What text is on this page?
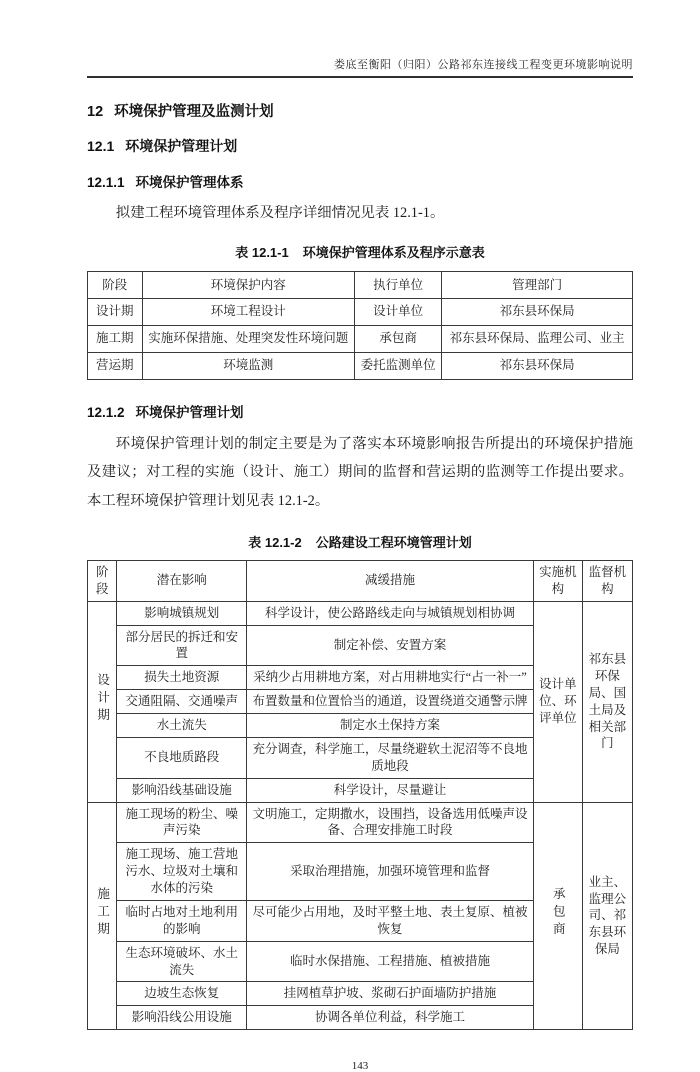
娄底至衡阳（归阳）公路祁东连接线工程变更环境影响说明
12 环境保护管理及监测计划
12.1 环境保护管理计划
12.1.1 环境保护管理体系

拟建工程环境管理体系及程序详细情况见表 12.1-1。

表 12.1-1 环境保护管理体系及程序示意表
阶段	环境保护内容	执行单位	管理部门
设计期	环境工程设计	设计单位	祁东县环保局
施工期	实施环保措施、处理突发性环境问题	承包商	祁东县环保局、监理公司、业主
营运期	环境监测	委托监测单位	祁东县环保局
12.1.2 环境保护管理计划

环境保护管理计划的制定主要是为了落实本环境影响报告所提出的环境保护措施及建议；对工程的实施（设计、施工）期间的监督和营运期的监测等工作提出要求。本工程环境保护管理计划见表 12.1-2。

表 12.1-2 公路建设工程环境管理计划
阶段	潜在影响	减缓措施	实施机构	监督机构
设计期	影响城镇规划	科学设计，使公路路线走向与城镇规划相协调	设计单位、环评单位	祁东县环保局、国土局及相关部门
	部分居民的拆迁和安置	制定补偿、安置方案		
	损失土地资源	采纳少占用耕地方案，对占用耕地实行“占一补一”		
	交通阻隔、交通噪声	布置数量和位置恰当的通道，设置绕道交通警示牌		
	水土流失	制定水土保持方案		
	不良地质路段	充分调查，科学施工，尽量绕避软土泥沼等不良地质地段		
	影响沿线基础设施	科学设计，尽量避让		
施工期	施工现场的粉尘、噪声污染	文明施工，定期撒水，设围挡，设备选用低噪声设备、合理安排施工时段	承包商	业主、监理公司、祁东县环保局
	施工现场、施工营地污水、垃圾对土壤和水体的污染	采取治理措施，加强环境管理和监督		
	临时占地对土地利用的影响	尽可能少占用地，及时平整土地、表土复原、植被恢复		
	生态环境破坏、水土流失	临时水保措施、工程措施、植被措施		
	边坡生态恢复	挂网植草护坡、浆砌石护面墙防护措施		
	影响沿线公用设施	协调各单位利益，科学施工		
143
